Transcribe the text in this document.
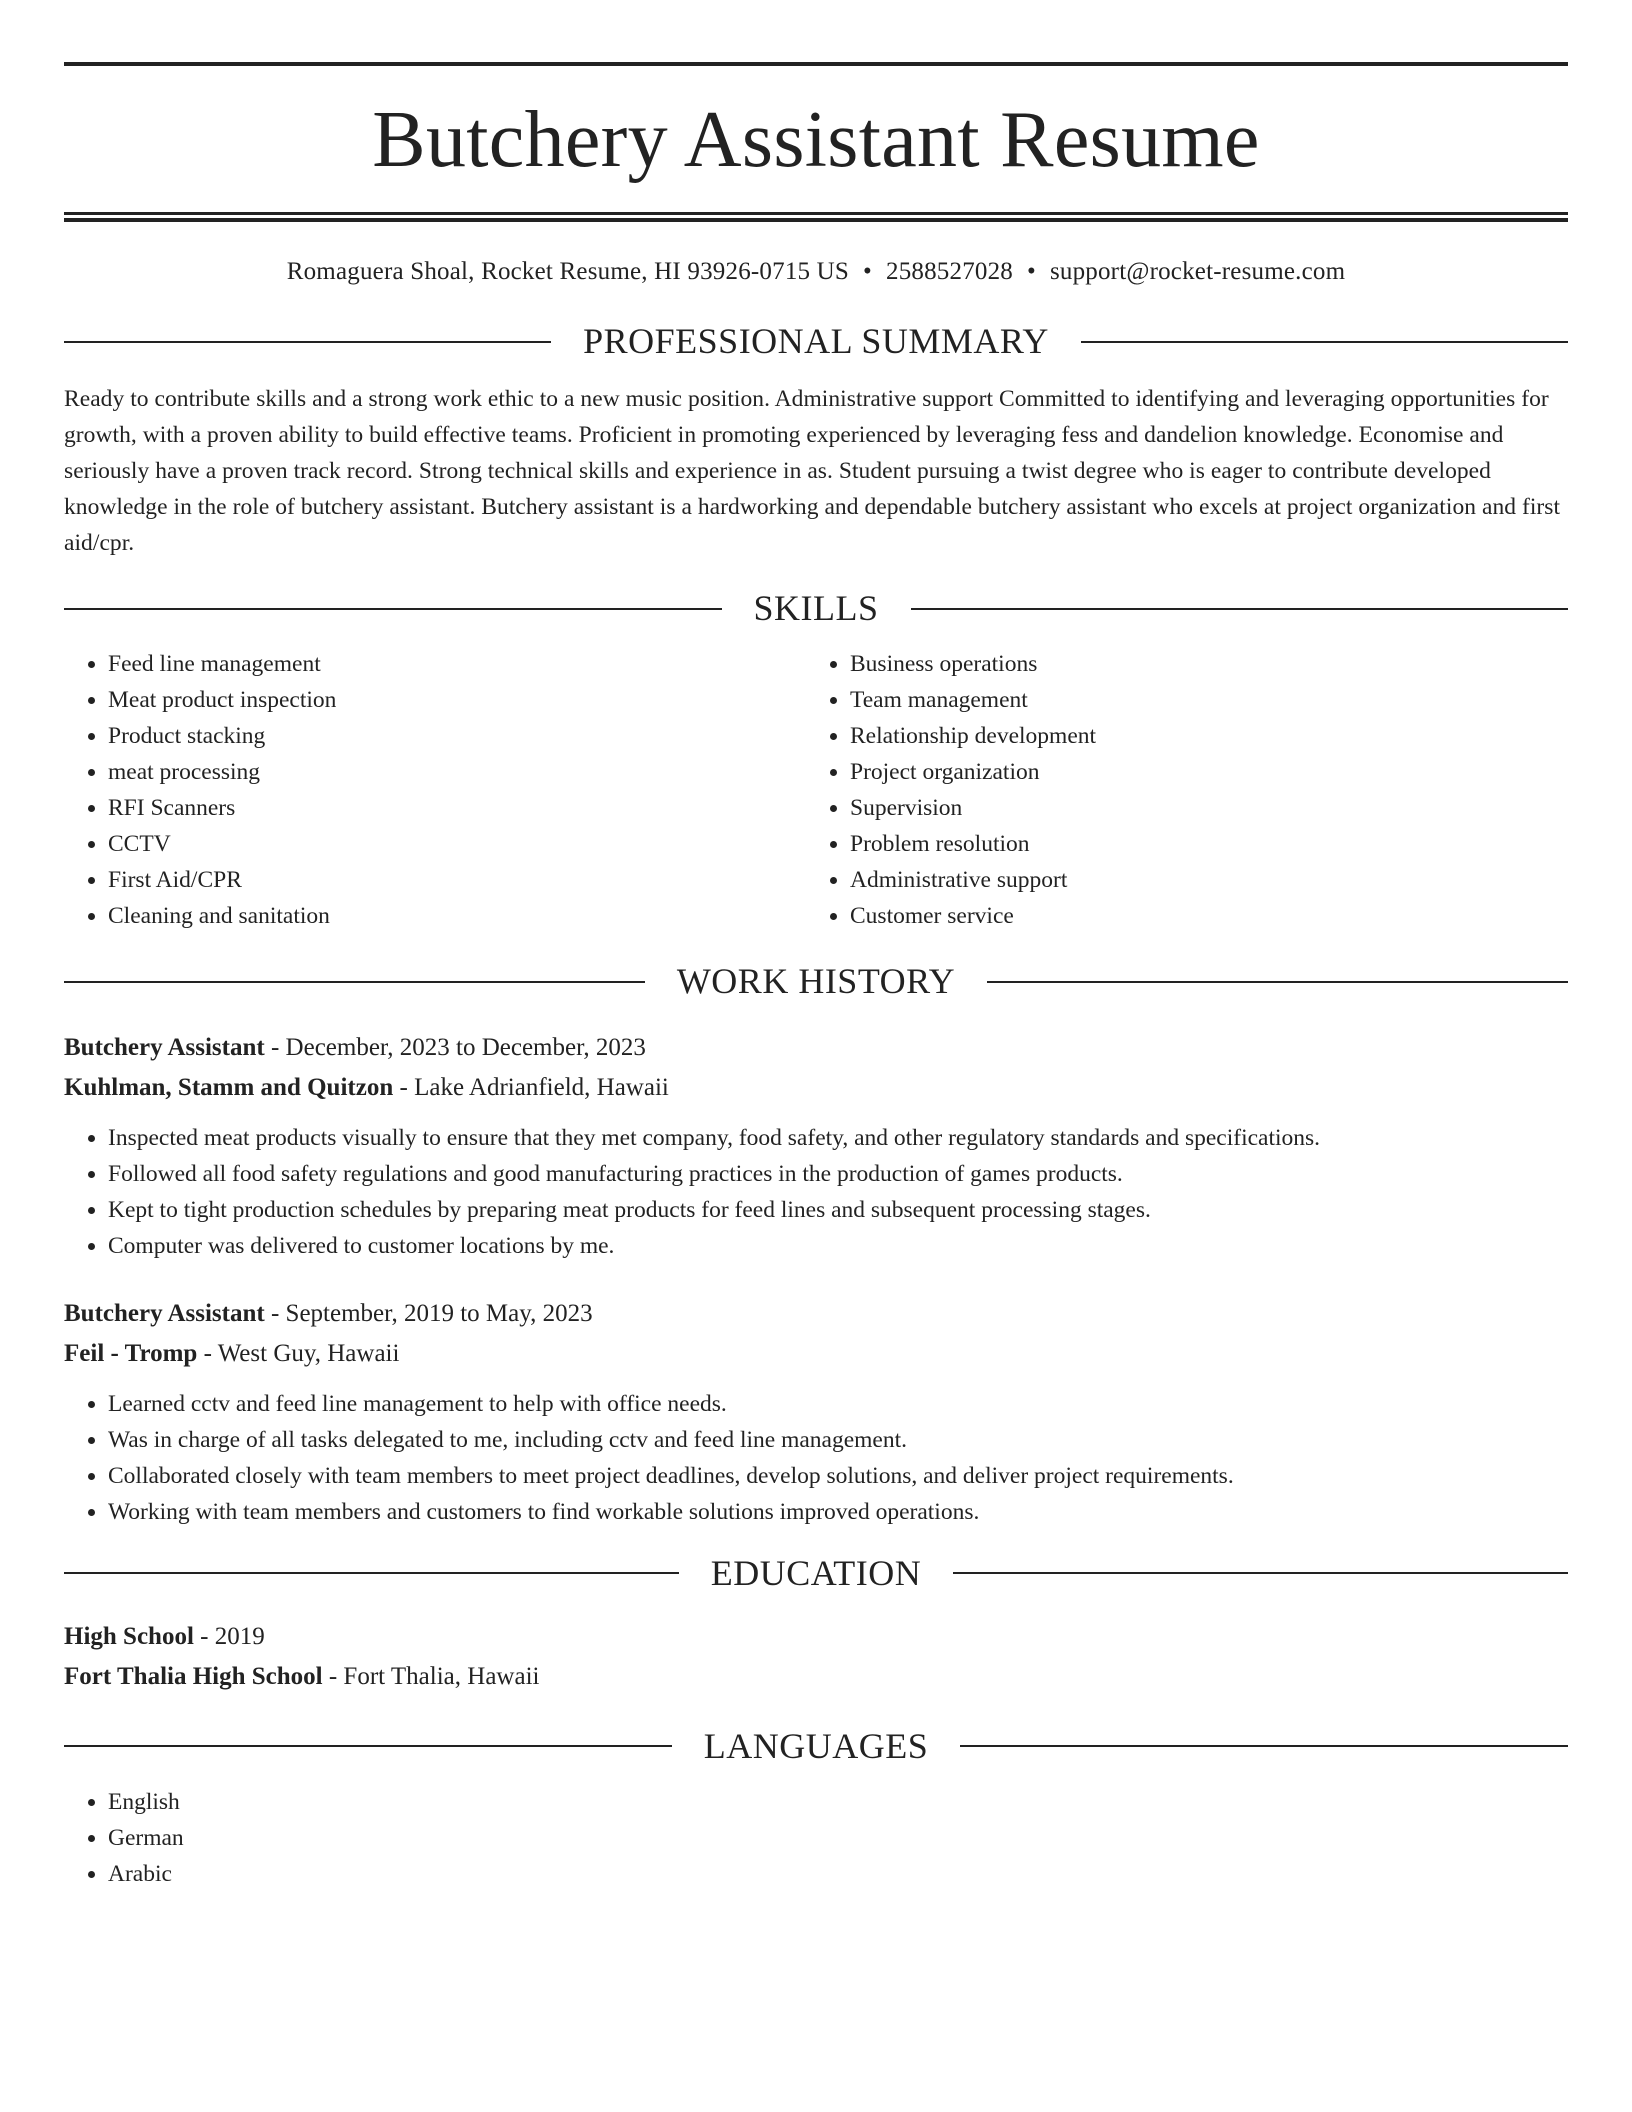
Butchery Assistant Resume
Romaguera Shoal, Rocket Resume, HI 93926-0715 US • 2588527028 • support@rocket-resume.com
PROFESSIONAL SUMMARY

Ready to contribute skills and a strong work ethic to a new music position. Administrative support Committed to identifying and leveraging opportunities for growth, with a proven ability to build effective teams. Proficient in promoting experienced by leveraging fess and dandelion knowledge. Economise and seriously have a proven track record. Strong technical skills and experience in as. Student pursuing a twist degree who is eager to contribute developed knowledge in the role of butchery assistant. Butchery assistant is a hardworking and dependable butchery assistant who excels at project organization and first aid/cpr.

SKILLS
• Feed line management
• Meat product inspection
• Product stacking
• meat processing
• RFI Scanners
• CCTV
• First Aid/CPR
• Cleaning and sanitation
• Business operations
• Team management
• Relationship development
• Project organization
• Supervision
• Problem resolution
• Administrative support
• Customer service
WORK HISTORY
Butchery Assistant - December, 2023 to December, 2023
Kuhlman, Stamm and Quitzon - Lake Adrianfield, Hawaii
• Inspected meat products visually to ensure that they met company, food safety, and other regulatory standards and specifications.
• Followed all food safety regulations and good manufacturing practices in the production of games products.
• Kept to tight production schedules by preparing meat products for feed lines and subsequent processing stages.
• Computer was delivered to customer locations by me.
Butchery Assistant - September, 2019 to May, 2023
Feil - Tromp - West Guy, Hawaii
• Learned cctv and feed line management to help with office needs.
• Was in charge of all tasks delegated to me, including cctv and feed line management.
• Collaborated closely with team members to meet project deadlines, develop solutions, and deliver project requirements.
• Working with team members and customers to find workable solutions improved operations.
EDUCATION
High School - 2019
Fort Thalia High School - Fort Thalia, Hawaii
LANGUAGES
• English
• German
• Arabic
